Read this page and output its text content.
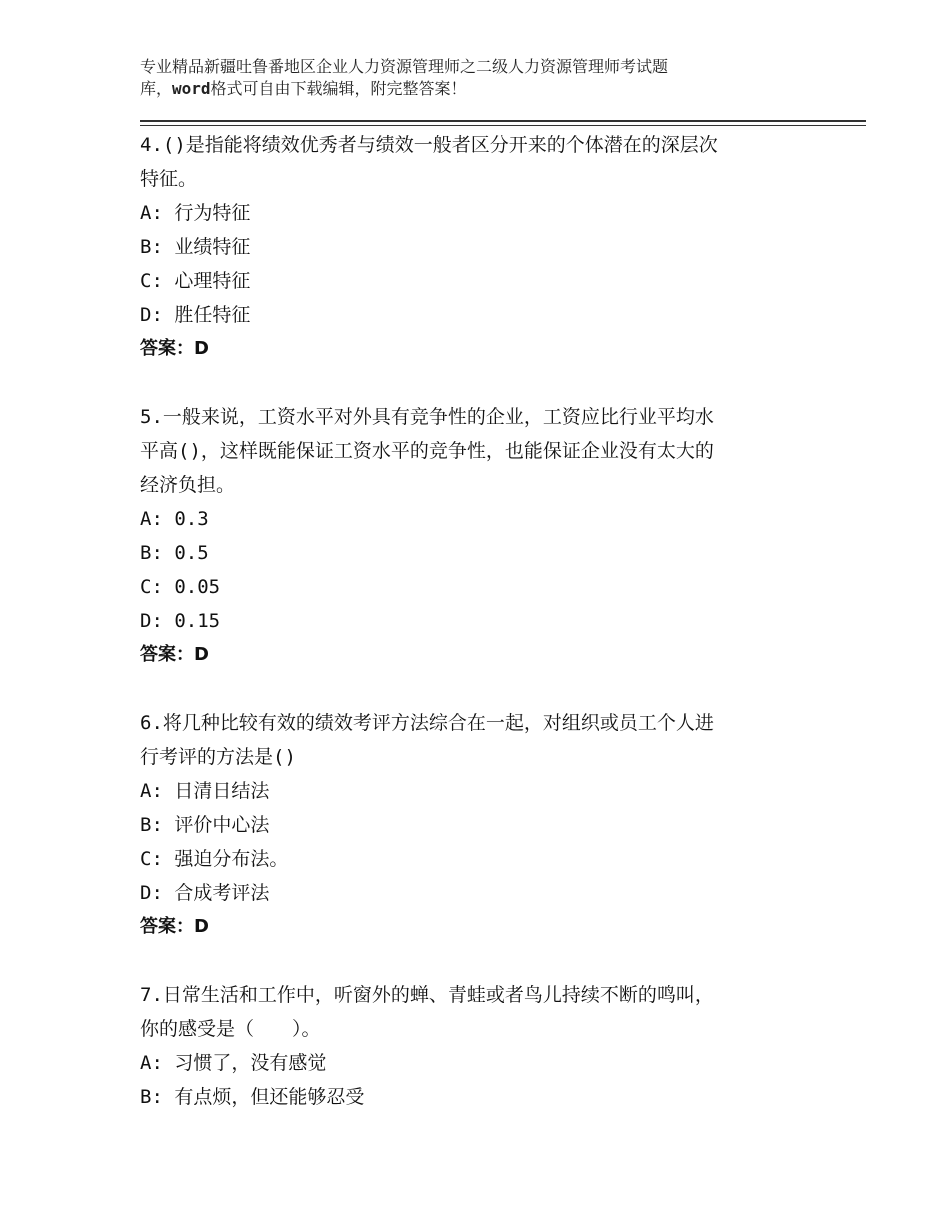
专业精品新疆吐鲁番地区企业人力资源管理师之二级人力资源管理师考试题
库，word格式可自由下载编辑，附完整答案！
4.()是指能将绩效优秀者与绩效一般者区分开来的个体潜在的深层次
特征。
A: 行为特征
B: 业绩特征
C: 心理特征
D: 胜任特征
答案：D
5.一般来说，工资水平对外具有竞争性的企业，工资应比行业平均水
平高()，这样既能保证工资水平的竞争性，也能保证企业没有太大的
经济负担。
A: 0.3
B: 0.5
C: 0.05
D: 0.15
答案：D
6.将几种比较有效的绩效考评方法综合在一起，对组织或员工个人进
行考评的方法是()
A: 日清日结法
B: 评价中心法
C: 强迫分布法。
D: 合成考评法
答案：D
7.日常生活和工作中，听窗外的蝉、青蛙或者鸟儿持续不断的鸣叫，
你的感受是（　　）。
A: 习惯了，没有感觉
B: 有点烦，但还能够忍受
